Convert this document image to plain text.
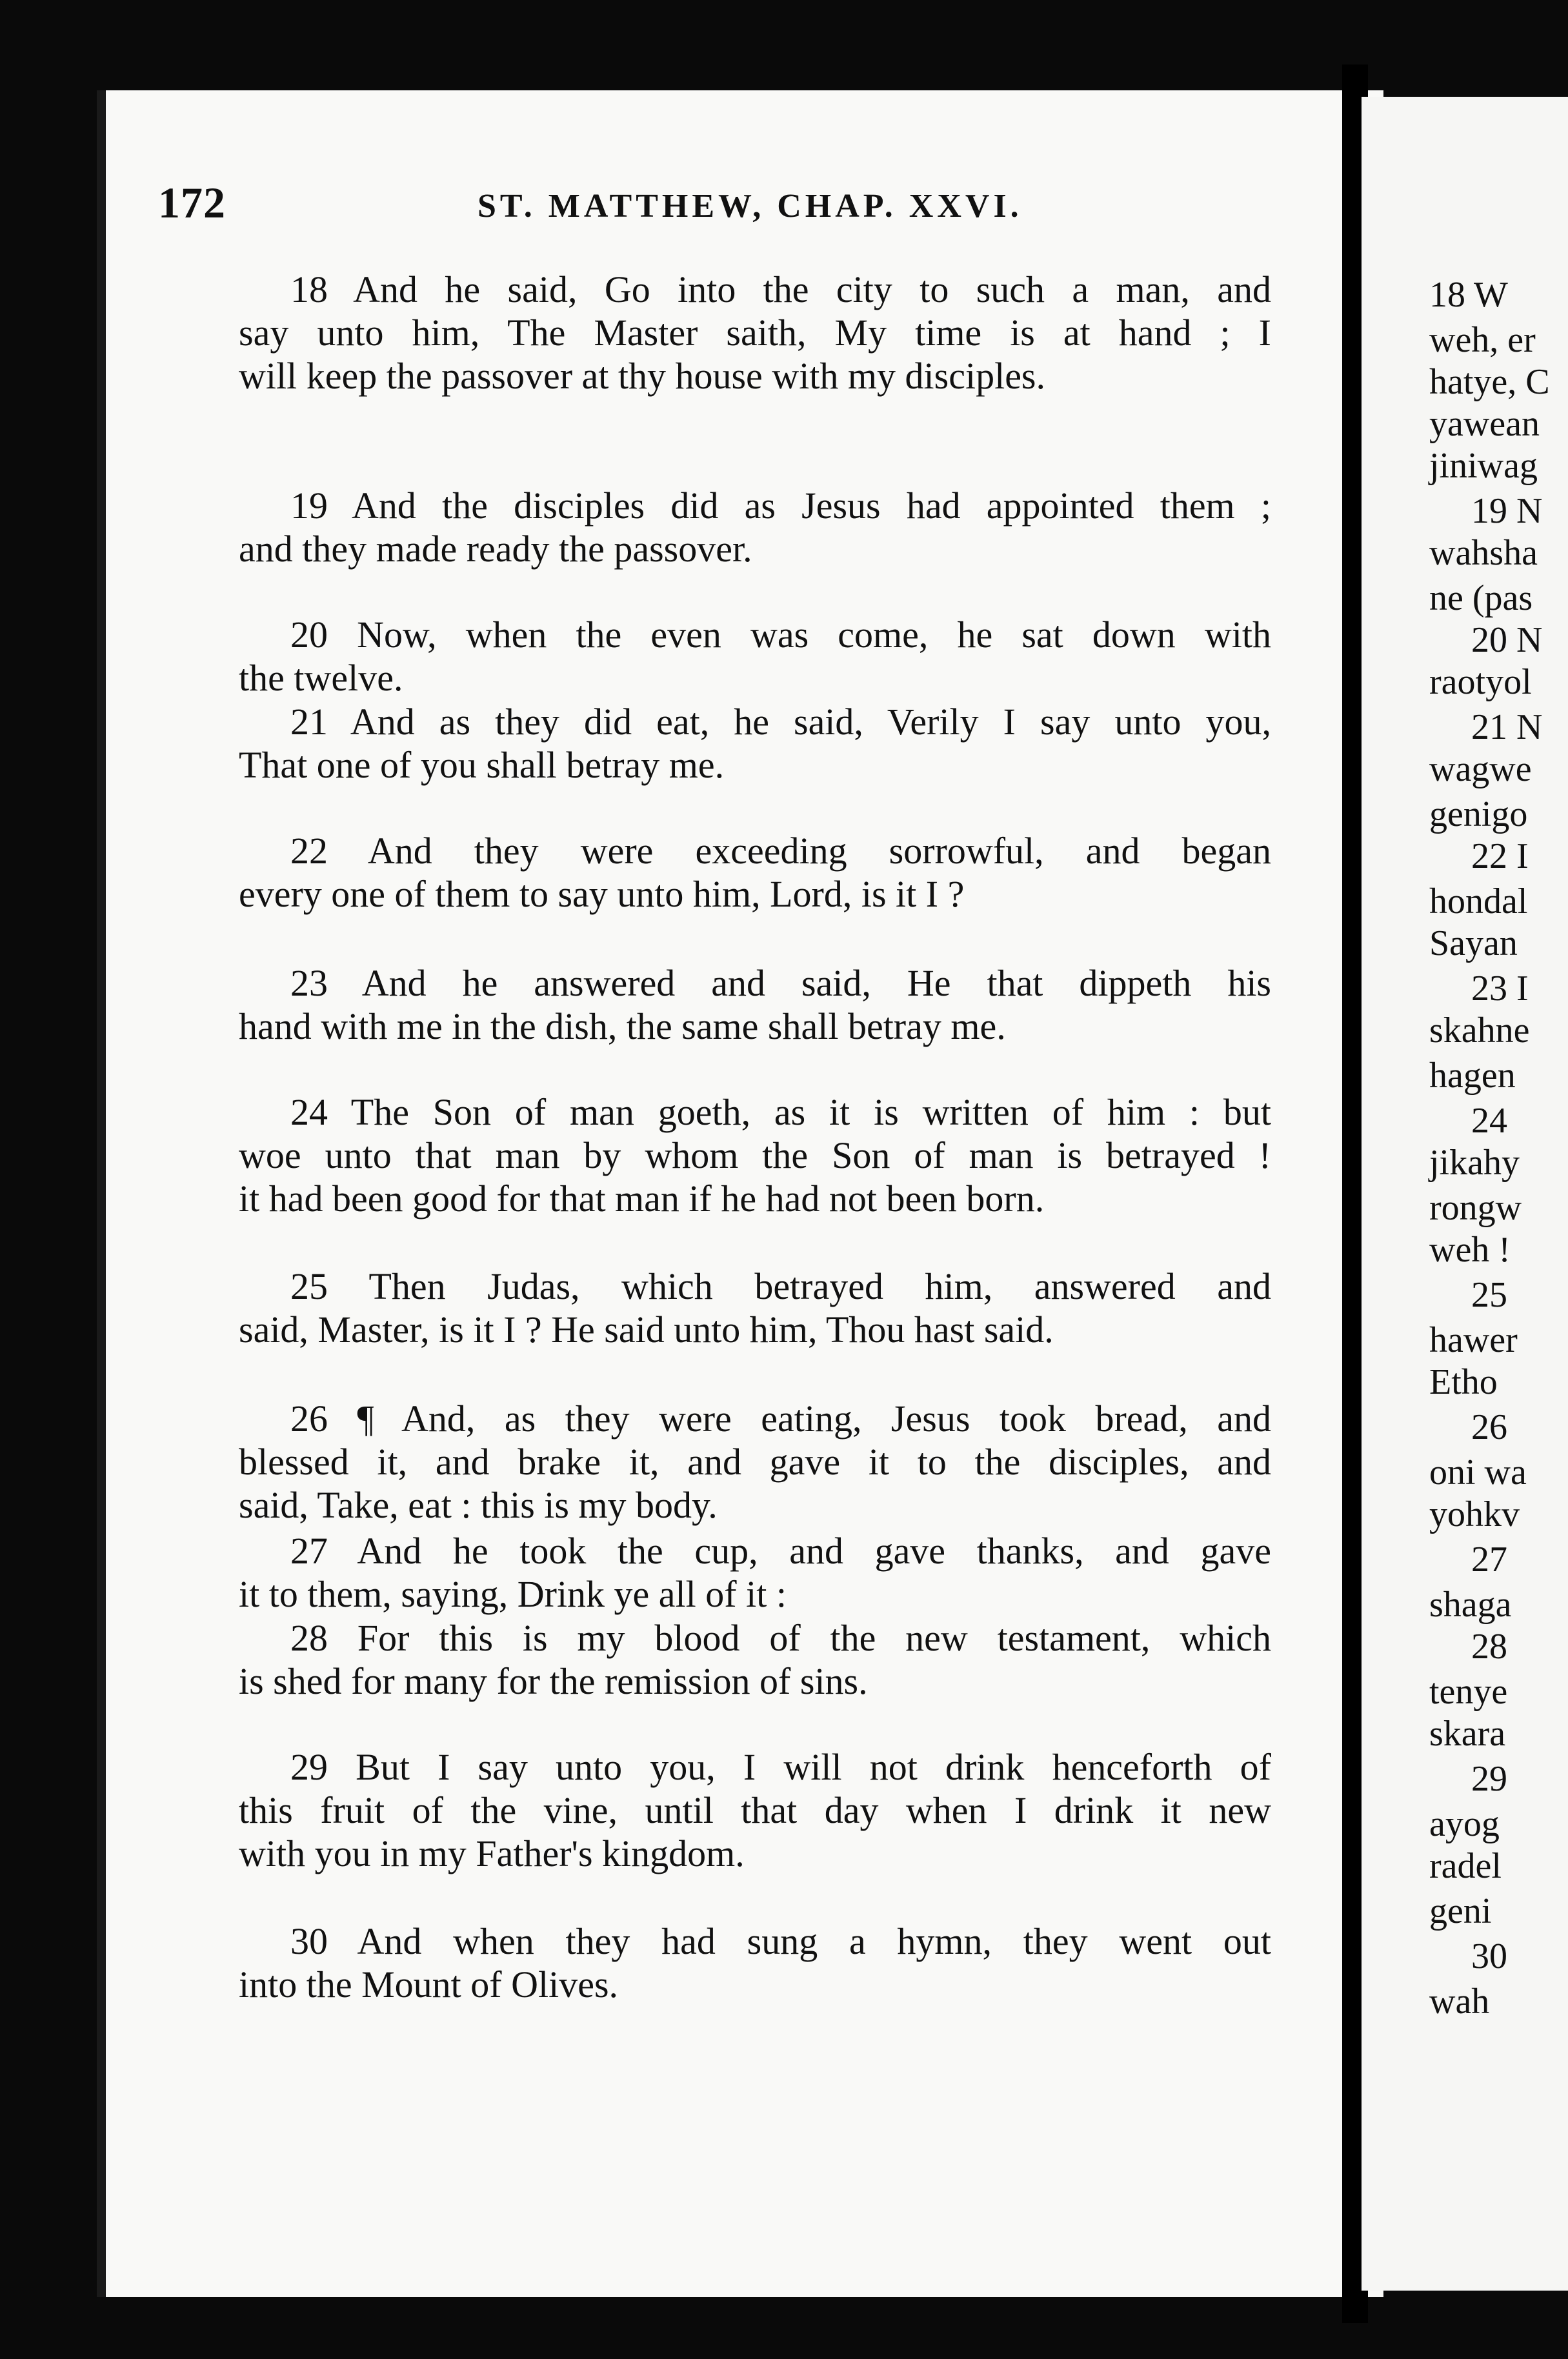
172	ST. MATTHEW, CHAP. XXVI.
18 And he said, Go into the city to such a man, and
say unto him, The Master saith, My time is at hand ; I
will keep the passover at thy house with my disciples.
19 And the disciples did as Jesus had appointed them ;
and they made ready the passover.
20 Now, when the even was come, he sat down with
the twelve.
21 And as they did eat, he said, Verily I say unto you,
That one of you shall betray me.
22 And they were exceeding sorrowful, and began
every one of them to say unto him, Lord, is it I ?
23 And he answered and said, He that dippeth his
hand with me in the dish, the same shall betray me.
24 The Son of man goeth, as it is written of him : but
woe unto that man by whom the Son of man is betrayed !
it had been good for that man if he had not been born.
25 Then Judas, which betrayed him, answered and
said, Master, is it I ? He said unto him, Thou hast said.
26 ¶ And, as they were eating, Jesus took bread, and
blessed it, and brake it, and gave it to the disciples, and
said, Take, eat : this is my body.
27 And he took the cup, and gave thanks, and gave
it to them, saying, Drink ye all of it :
28 For this is my blood of the new testament, which
is shed for many for the remission of sins.
29 But I say unto you, I will not drink henceforth of
this fruit of the vine, until that day when I drink it new
with you in my Father's kingdom.
30 And when they had sung a hymn, they went out
into the Mount of Olives.
18 W
weh, er
hatye, C
yawean
jiniwag
19 N
wahsha
ne (pas
20 N
raotyol
21 N
wagwe
genigo
22 I
hondal
Sayan
23 I
skahne
hagen
24
jikahy
rongw
weh !
25
hawer
Etho
26
oni wa
yohkv
27
shaga
28
tenye
skara
29
ayog
radel
geni
30
wah
